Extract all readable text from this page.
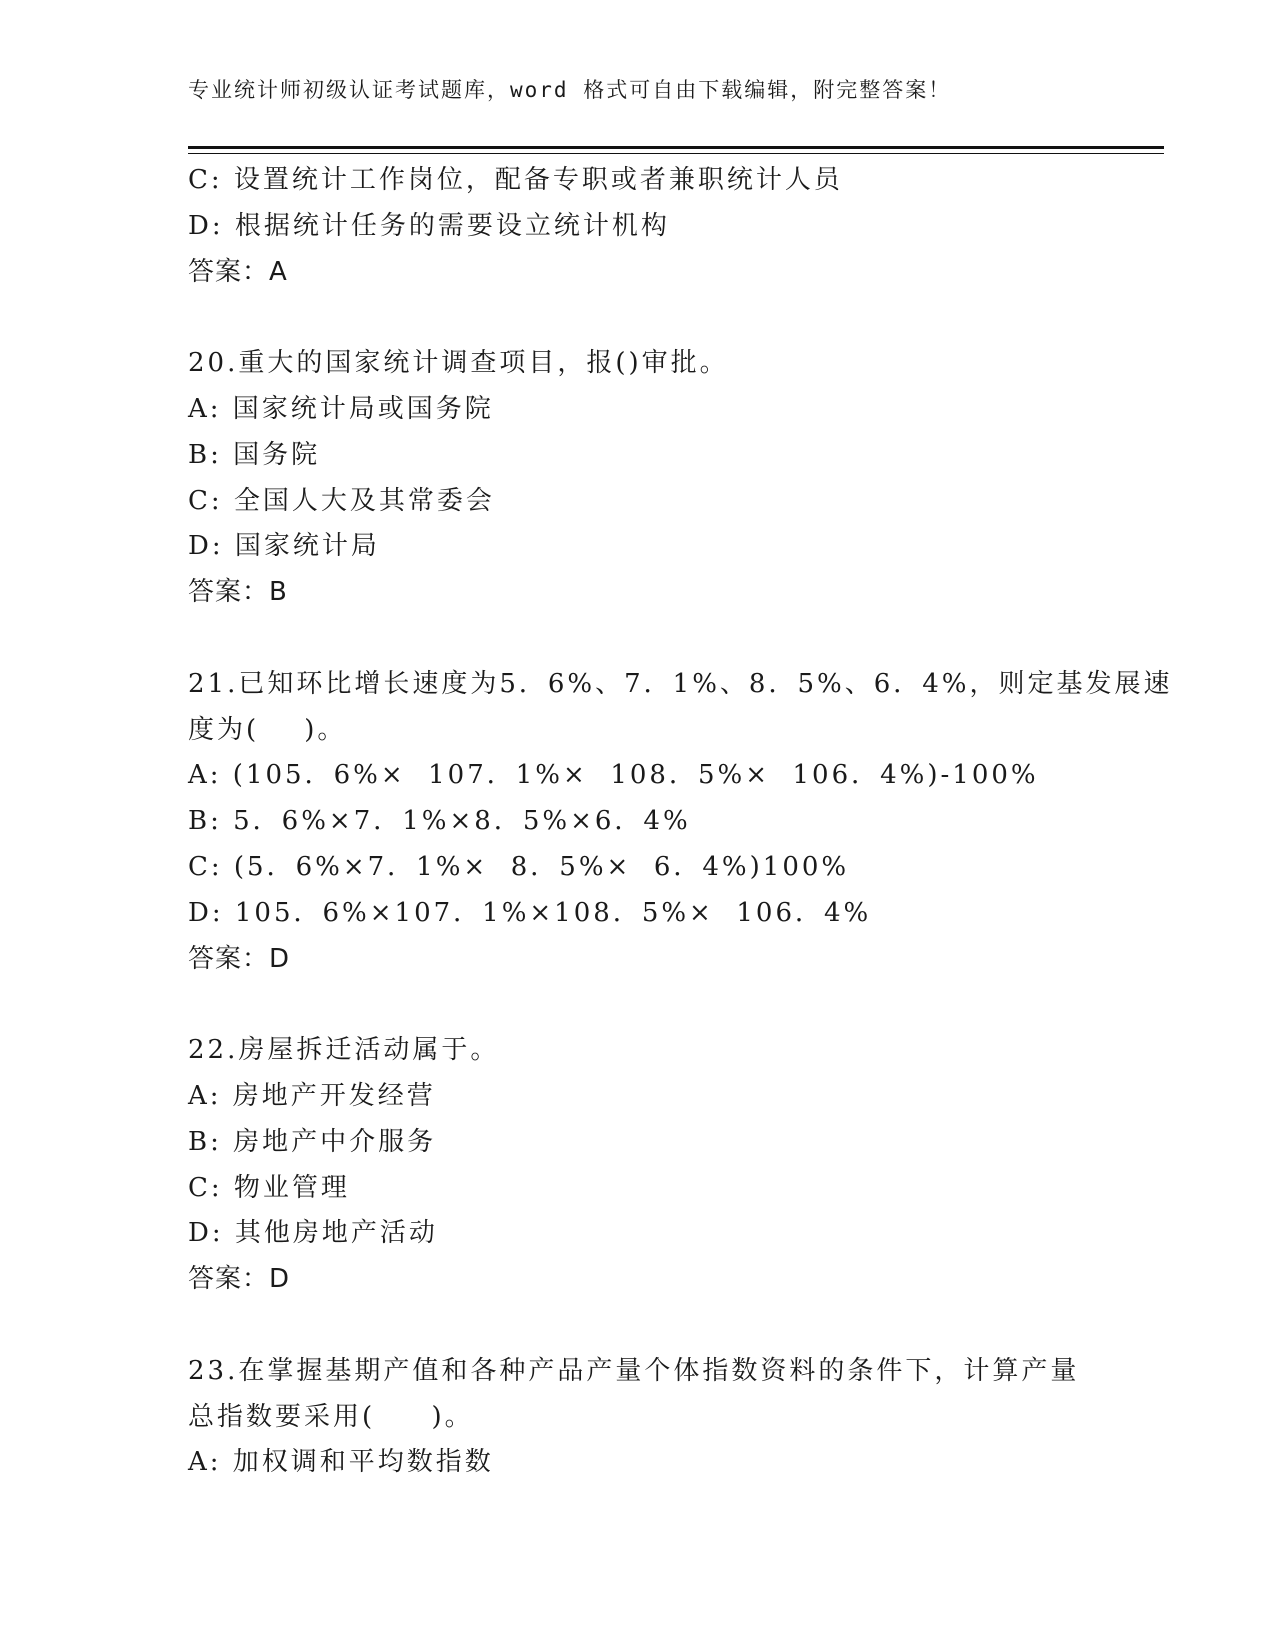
专业统计师初级认证考试题库，word 格式可自由下载编辑，附完整答案！
C: 设置统计工作岗位，配备专职或者兼职统计人员
D: 根据统计任务的需要设立统计机构
答案：A
20.重大的国家统计调查项目，报()审批。
A: 国家统计局或国务院
B: 国务院
C: 全国人大及其常委会
D: 国家统计局
答案：B
21.已知环比增长速度为5．6%、7．1%、8．5%、6．4%，则定基发展速
度为(    )。
A: (105．6%×  107．1%×  108．5%×  106．4%)-100%
B: 5．6%×7．1%×8．5%×6．4%
C: (5．6%×7．1%×  8．5%×  6．4%)100%
D: 105．6%×107．1%×108．5%×  106．4%
答案：D
22.房屋拆迁活动属于。
A: 房地产开发经营
B: 房地产中介服务
C: 物业管理
D: 其他房地产活动
答案：D
23.在掌握基期产值和各种产品产量个体指数资料的条件下，计算产量
总指数要采用(     )。
A: 加权调和平均数指数
